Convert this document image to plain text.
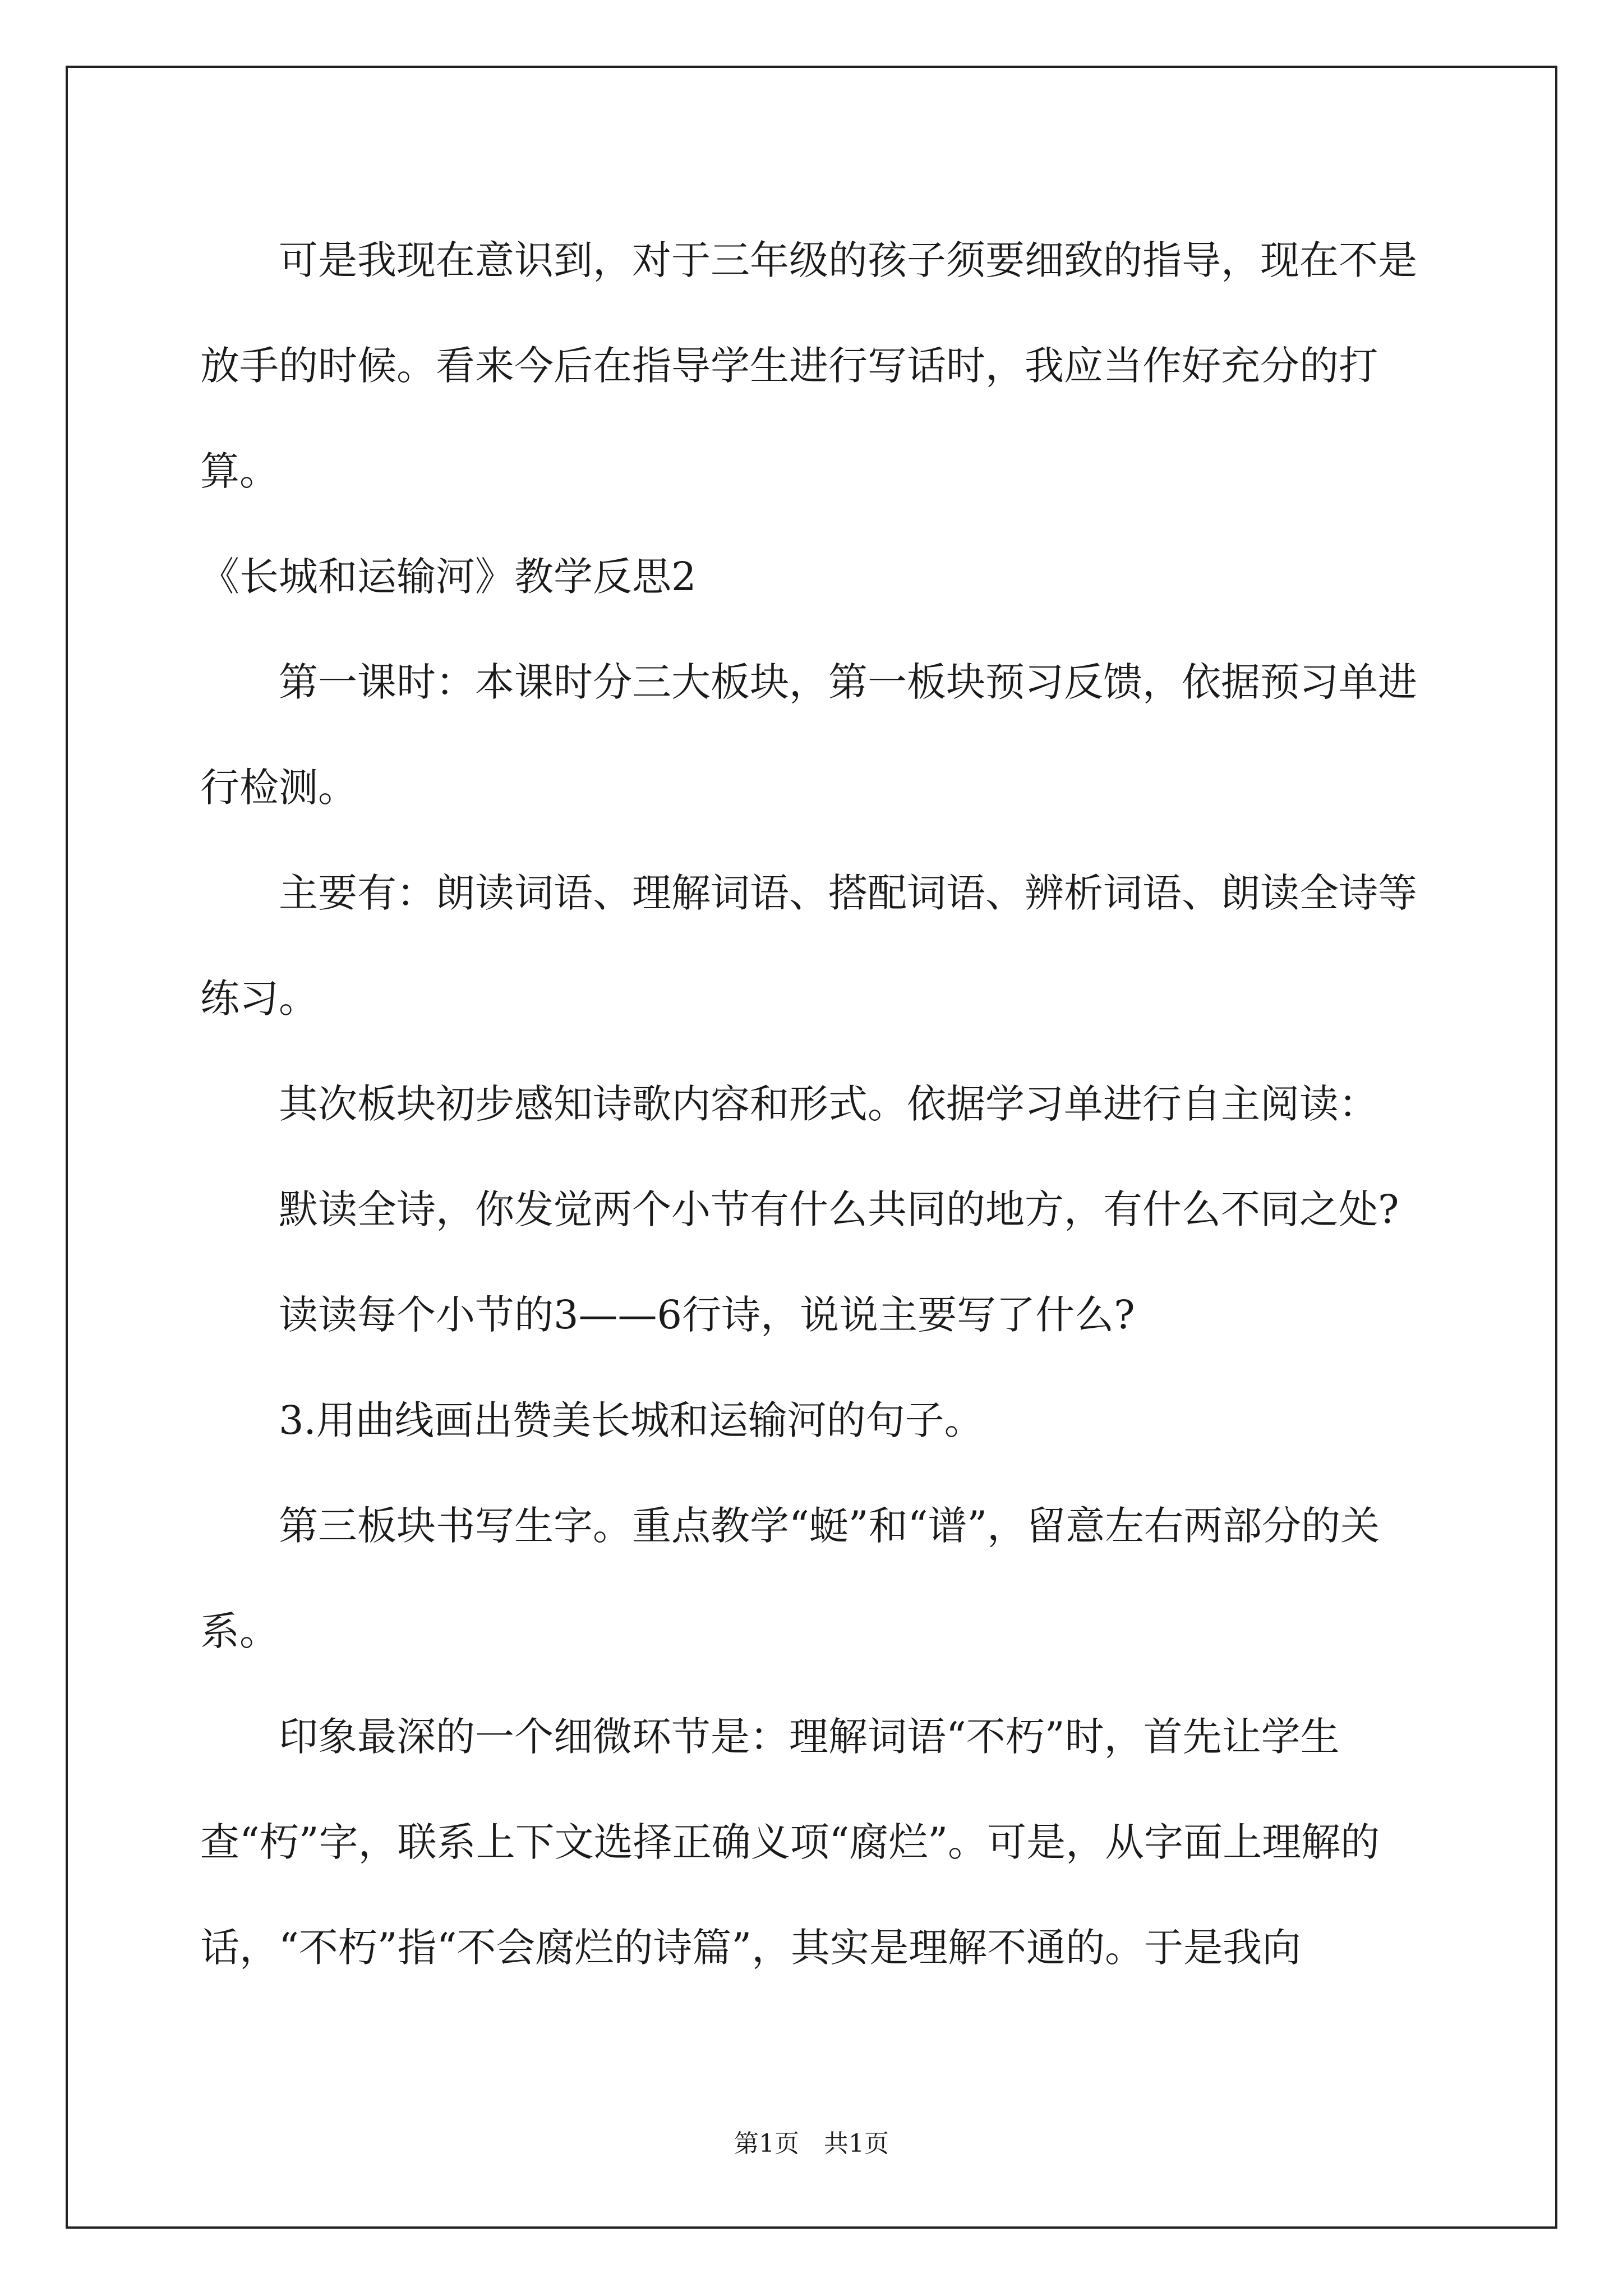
可是我现在意识到，对于三年级的孩子须要细致的指导，现在不是放手的时候。看来今后在指导学生进行写话时，我应当作好充分的打算。

《长城和运输河》教学反思2

第一课时：本课时分三大板块，第一板块预习反馈，依据预习单进行检测。

主要有：朗读词语、理解词语、搭配词语、辨析词语、朗读全诗等练习。

其次板块初步感知诗歌内容和形式。依据学习单进行自主阅读：

默读全诗，你发觉两个小节有什么共同的地方，有什么不同之处?

读读每个小节的3——6行诗，说说主要写了什么?

3.用曲线画出赞美长城和运输河的句子。

第三板块书写生字。重点教学“蜓”和“谱”，留意左右两部分的关系。

印象最深的一个细微环节是：理解词语“不朽”时，首先让学生查“朽”字，联系上下文选择正确义项“腐烂”。可是，从字面上理解的话，“不朽”指“不会腐烂的诗篇”，其实是理解不通的。于是我向

第1页 共1页
